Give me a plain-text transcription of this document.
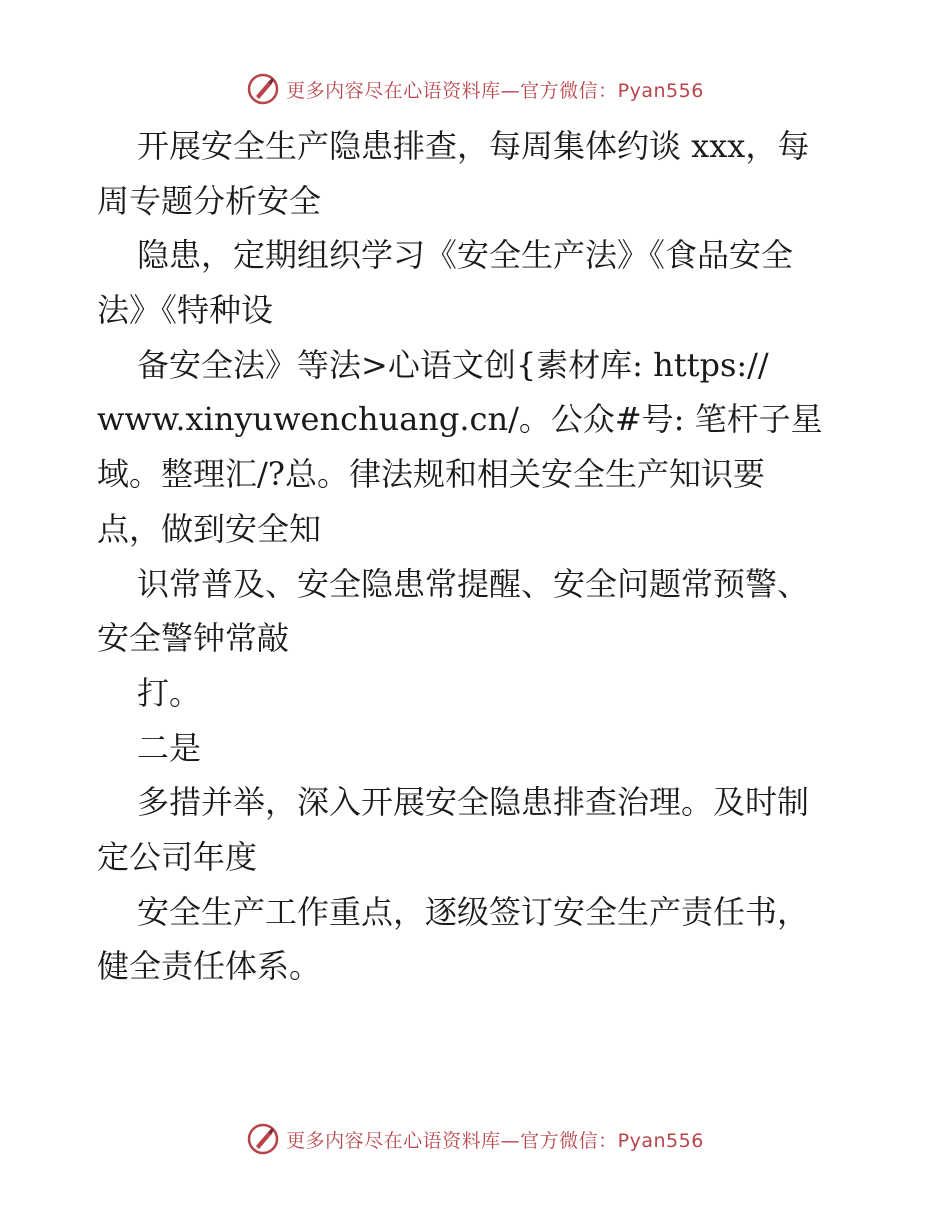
更多内容尽在心语资料库—官方微信：Pyan556
开展安全生产隐患排查，每周集体约谈 xxx，每
周专题分析安全
隐患，定期组织学习《安全生产法》《食品安全
法》《特种设
备安全法》等法>心语文创{素材库: https://
www.xinyuwenchuang.cn/。公众#号: 笔杆子星
域。整理汇/?总。律法规和相关安全生产知识要
点，做到安全知
识常普及、安全隐患常提醒、安全问题常预警、
安全警钟常敲
打。
二是
多措并举，深入开展安全隐患排查治理。及时制
定公司年度
安全生产工作重点，逐级签订安全生产责任书，
健全责任体系。
更多内容尽在心语资料库—官方微信：Pyan556
